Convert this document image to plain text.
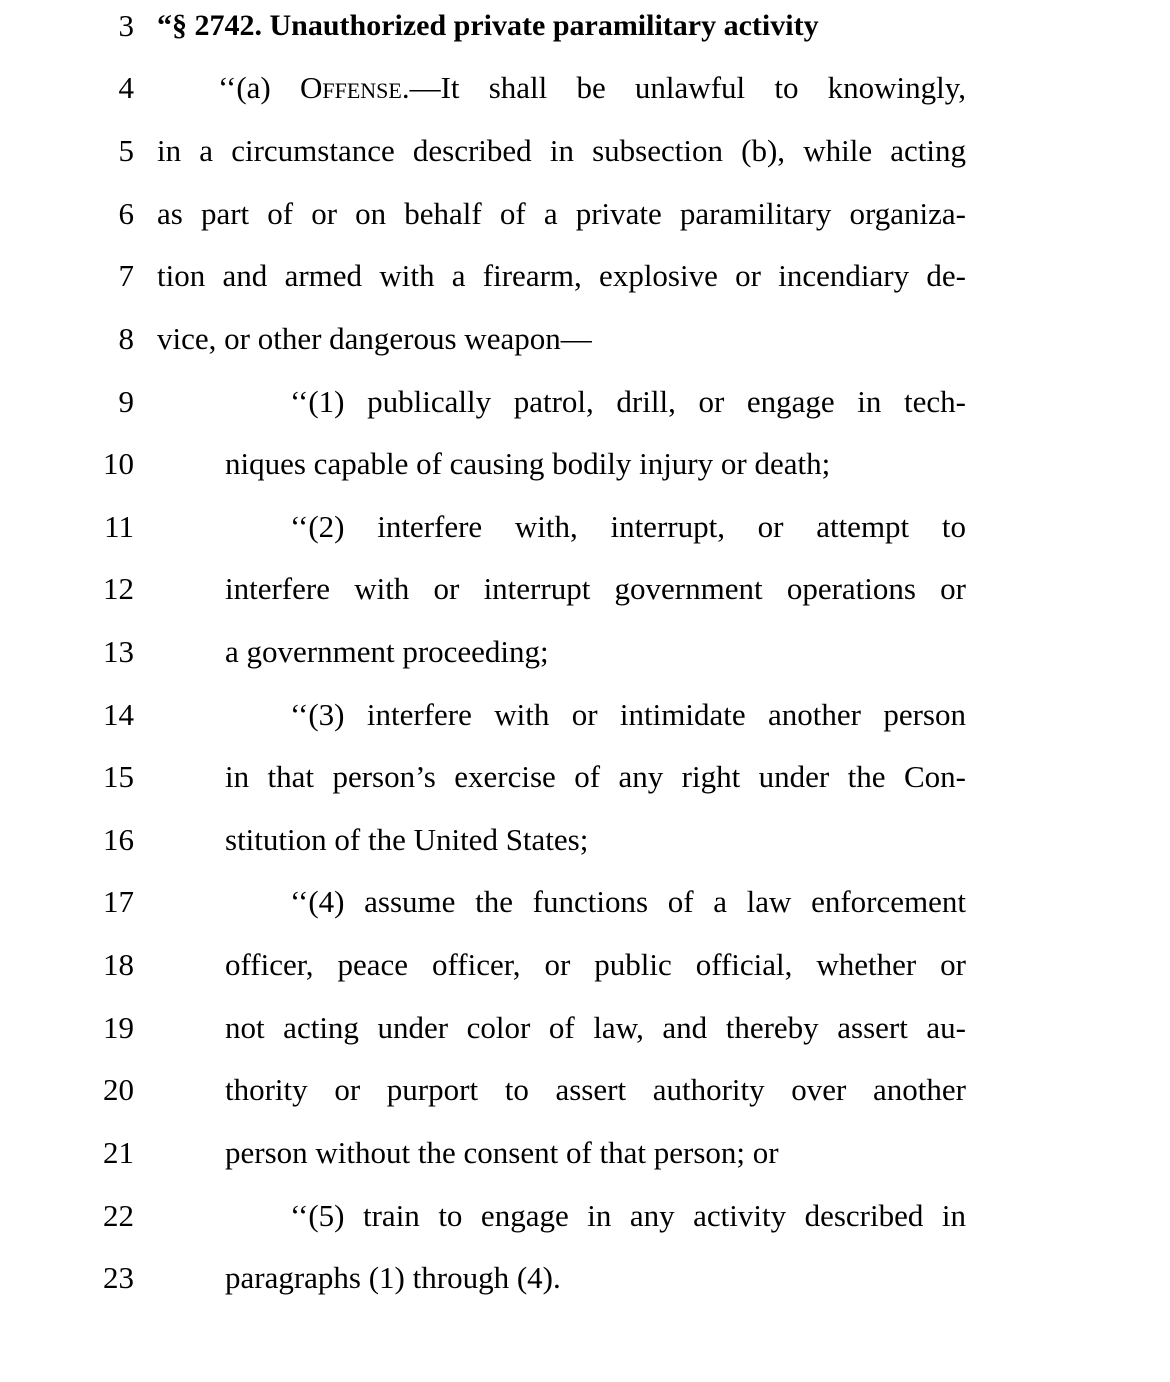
3 “§ 2742. Unauthorized private paramilitary activity
4	‘‘(a) Offense.—It shall be unlawful to knowingly,
5 in a circumstance described in subsection (b), while acting
6 as part of or on behalf of a private paramilitary organiza-
7 tion and armed with a firearm, explosive or incendiary de-
8 vice, or other dangerous weapon—
9	‘‘(1) publically patrol, drill, or engage in tech-
10	niques capable of causing bodily injury or death;
11	‘‘(2) interfere with, interrupt, or attempt to
12	interfere with or interrupt government operations or
13	a government proceeding;
14	‘‘(3) interfere with or intimidate another person
15	in that person’s exercise of any right under the Con-
16	stitution of the United States;
17	‘‘(4) assume the functions of a law enforcement
18	officer, peace officer, or public official, whether or
19	not acting under color of law, and thereby assert au-
20	thority or purport to assert authority over another
21	person without the consent of that person; or
22	‘‘(5) train to engage in any activity described in
23	paragraphs (1) through (4).
